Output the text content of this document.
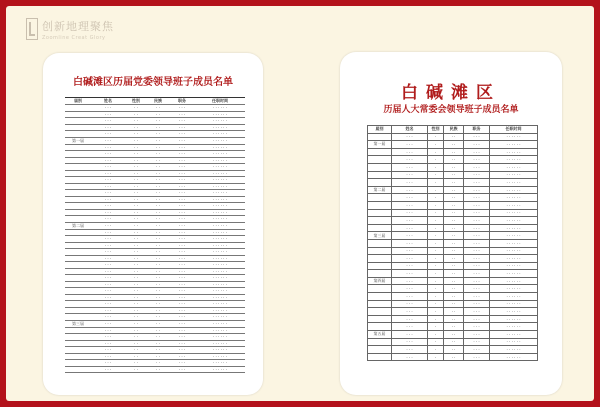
创新地理聚焦
Zoomline Creat Glory
白碱滩区历届党委领导班子成员名单
届别	姓名	性别	民族	职务	任职时间
	· · ·	· ·	· ·	· · ·	· · · · · ·
	· · ·	· ·	· ·	· · ·	· · · · · ·
	· · ·	· ·	· ·	· · ·	· · · · · ·
	· · ·	· ·	· ·	· · ·	· · · · · ·
	· · ·	· ·	· ·	· · ·	· · · · · ·
第一届	· · ·	· ·	· ·	· · ·	· · · · · ·
	· · ·	· ·	· ·	· · ·	· · · · · ·
	· · ·	· ·	· ·	· · ·	· · · · · ·
	· · ·	· ·	· ·	· · ·	· · · · · ·
	· · ·	· ·	· ·	· · ·	· · · · · ·
	· · ·	· ·	· ·	· · ·	· · · · · ·
	· · ·	· ·	· ·	· · ·	· · · · · ·
	· · ·	· ·	· ·	· · ·	· · · · · ·
	· · ·	· ·	· ·	· · ·	· · · · · ·
	· · ·	· ·	· ·	· · ·	· · · · · ·
	· · ·	· ·	· ·	· · ·	· · · · · ·
	· · ·	· ·	· ·	· · ·	· · · · · ·
	· · ·	· ·	· ·	· · ·	· · · · · ·
第二届	· · ·	· ·	· ·	· · ·	· · · · · ·
	· · ·	· ·	· ·	· · ·	· · · · · ·
	· · ·	· ·	· ·	· · ·	· · · · · ·
	· · ·	· ·	· ·	· · ·	· · · · · ·
	· · ·	· ·	· ·	· · ·	· · · · · ·
	· · ·	· ·	· ·	· · ·	· · · · · ·
	· · ·	· ·	· ·	· · ·	· · · · · ·
	· · ·	· ·	· ·	· · ·	· · · · · ·
	· · ·	· ·	· ·	· · ·	· · · · · ·
	· · ·	· ·	· ·	· · ·	· · · · · ·
	· · ·	· ·	· ·	· · ·	· · · · · ·
	· · ·	· ·	· ·	· · ·	· · · · · ·
	· · ·	· ·	· ·	· · ·	· · · · · ·
	· · ·	· ·	· ·	· · ·	· · · · · ·
	· · ·	· ·	· ·	· · ·	· · · · · ·
第三届	· · ·	· ·	· ·	· · ·	· · · · · ·
	· · ·	· ·	· ·	· · ·	· · · · · ·
	· · ·	· ·	· ·	· · ·	· · · · · ·
	· · ·	· ·	· ·	· · ·	· · · · · ·
	· · ·	· ·	· ·	· · ·	· · · · · ·
	· · ·	· ·	· ·	· · ·	· · · · · ·
	· · ·	· ·	· ·	· · ·	· · · · · ·
	· · ·	· ·	· ·	· · ·	· · · · · ·
白碱滩区
历届人大常委会领导班子成员名单
届别	姓名	性别	民族	职务	任职时间
	· · ·	·	· ·	· · ·	· · · · · ·
第一届	· · ·	·	· ·	· · ·	· · · · · ·
	· · ·	·	· ·	· · ·	· · · · · ·
	· · ·	·	· ·	· · ·	· · · · · ·
	· · ·	·	· ·	· · ·	· · · · · ·
	· · ·	·	· ·	· · ·	· · · · · ·
	· · ·	·	· ·	· · ·	· · · · · ·
第二届	· · ·	·	· ·	· · ·	· · · · · ·
	· · ·	·	· ·	· · ·	· · · · · ·
	· · ·	·	· ·	· · ·	· · · · · ·
	· · ·	·	· ·	· · ·	· · · · · ·
	· · ·	·	· ·	· · ·	· · · · · ·
	· · ·	·	· ·	· · ·	· · · · · ·
第三届	· · ·	·	· ·	· · ·	· · · · · ·
	· · ·	·	· ·	· · ·	· · · · · ·
	· · ·	·	· ·	· · ·	· · · · · ·
	· · ·	·	· ·	· · ·	· · · · · ·
	· · ·	·	· ·	· · ·	· · · · · ·
	· · ·	·	· ·	· · ·	· · · · · ·
第四届	· · ·	·	· ·	· · ·	· · · · · ·
	· · ·	·	· ·	· · ·	· · · · · ·
	· · ·	·	· ·	· · ·	· · · · · ·
	· · ·	·	· ·	· · ·	· · · · · ·
	· · ·	·	· ·	· · ·	· · · · · ·
	· · ·	·	· ·	· · ·	· · · · · ·
	· · ·	·	· ·	· · ·	· · · · · ·
第五届	· · ·	·	· ·	· · ·	· · · · · ·
	· · ·	·	· ·	· · ·	· · · · · ·
	· · ·	·	· ·	· · ·	· · · · · ·
	· · ·	·	· ·	· · ·	· · · · · ·
